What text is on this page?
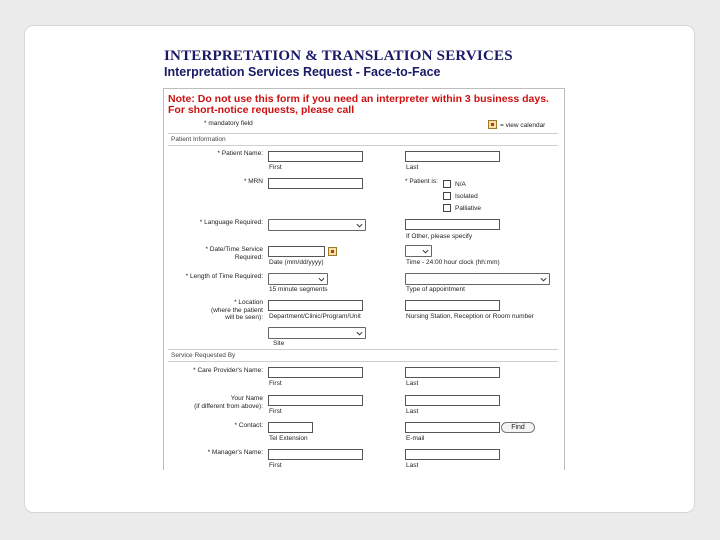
INTERPRETATION & TRANSLATION SERVICES
Interpretation Services Request - Face-to-Face
Note: Do not use this form if you need an interpreter within 3 business days.
For short-notice requests, please call
* mandatory field	= view calendar
Patient Information
* Patient Name:
First	Last
* MRN	* Patient is:	N/A
Isolated
Palliative
* Language Required:
If Other, please specify
* Date/Time Service
Required:
Date (mm/dd/yyyy)	Time - 24:00 hour clock (hh:mm)
* Length of Time Required:
15 minute segments	Type of appointment
* Location
(where the patient
will be seen): Department/Clinic/Program/Unit	Nursing Station, Reception or Room number
Site
Service Requested By
* Care Provider's Name:
First	Last
Your Name
(if different from above):
First	Last
* Contact:
Tel Extension	E-mail
Find
* Manager's Name:
First	Last
